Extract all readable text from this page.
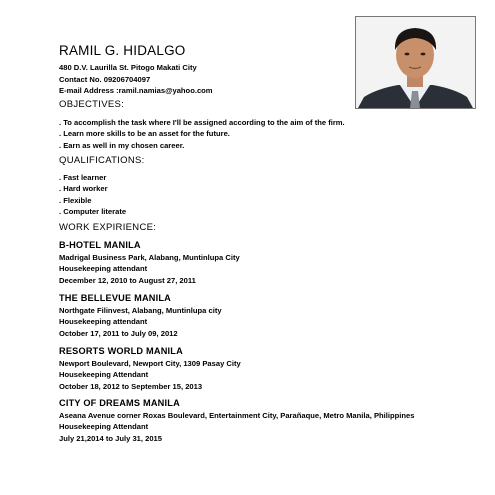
RAMIL G. HIDALGO
480 D.V. Laurilla St. Pitogo Makati City
Contact No. 09206704097
E-mail Address :ramil.namias@yahoo.com
OBJECTIVES:
. To accomplish the task where I'll be assigned according to the aim of the firm.
. Learn more skills to be an asset for the future.
. Earn as well in my chosen career.
QUALIFICATIONS:
. Fast learner
. Hard worker
. Flexible
. Computer literate
WORK EXPIRIENCE:
B-HOTEL MANILA
Madrigal Business Park, Alabang, Muntinlupa City
Housekeeping attendant
December 12, 2010 to August 27, 2011
THE BELLEVUE MANILA
Northgate Filinvest, Alabang, Muntinlupa city
Housekeeping attendant
October 17, 2011 to July 09, 2012
RESORTS WORLD MANILA
Newport Boulevard, Newport City, 1309 Pasay City
Housekeeping Attendant
October 18, 2012 to September 15, 2013
CITY OF DREAMS MANILA
Aseana Avenue corner Roxas Boulevard, Entertainment City, Parañaque, Metro Manila, Philippines
Housekeeping Attendant
July 21,2014 to July 31, 2015
